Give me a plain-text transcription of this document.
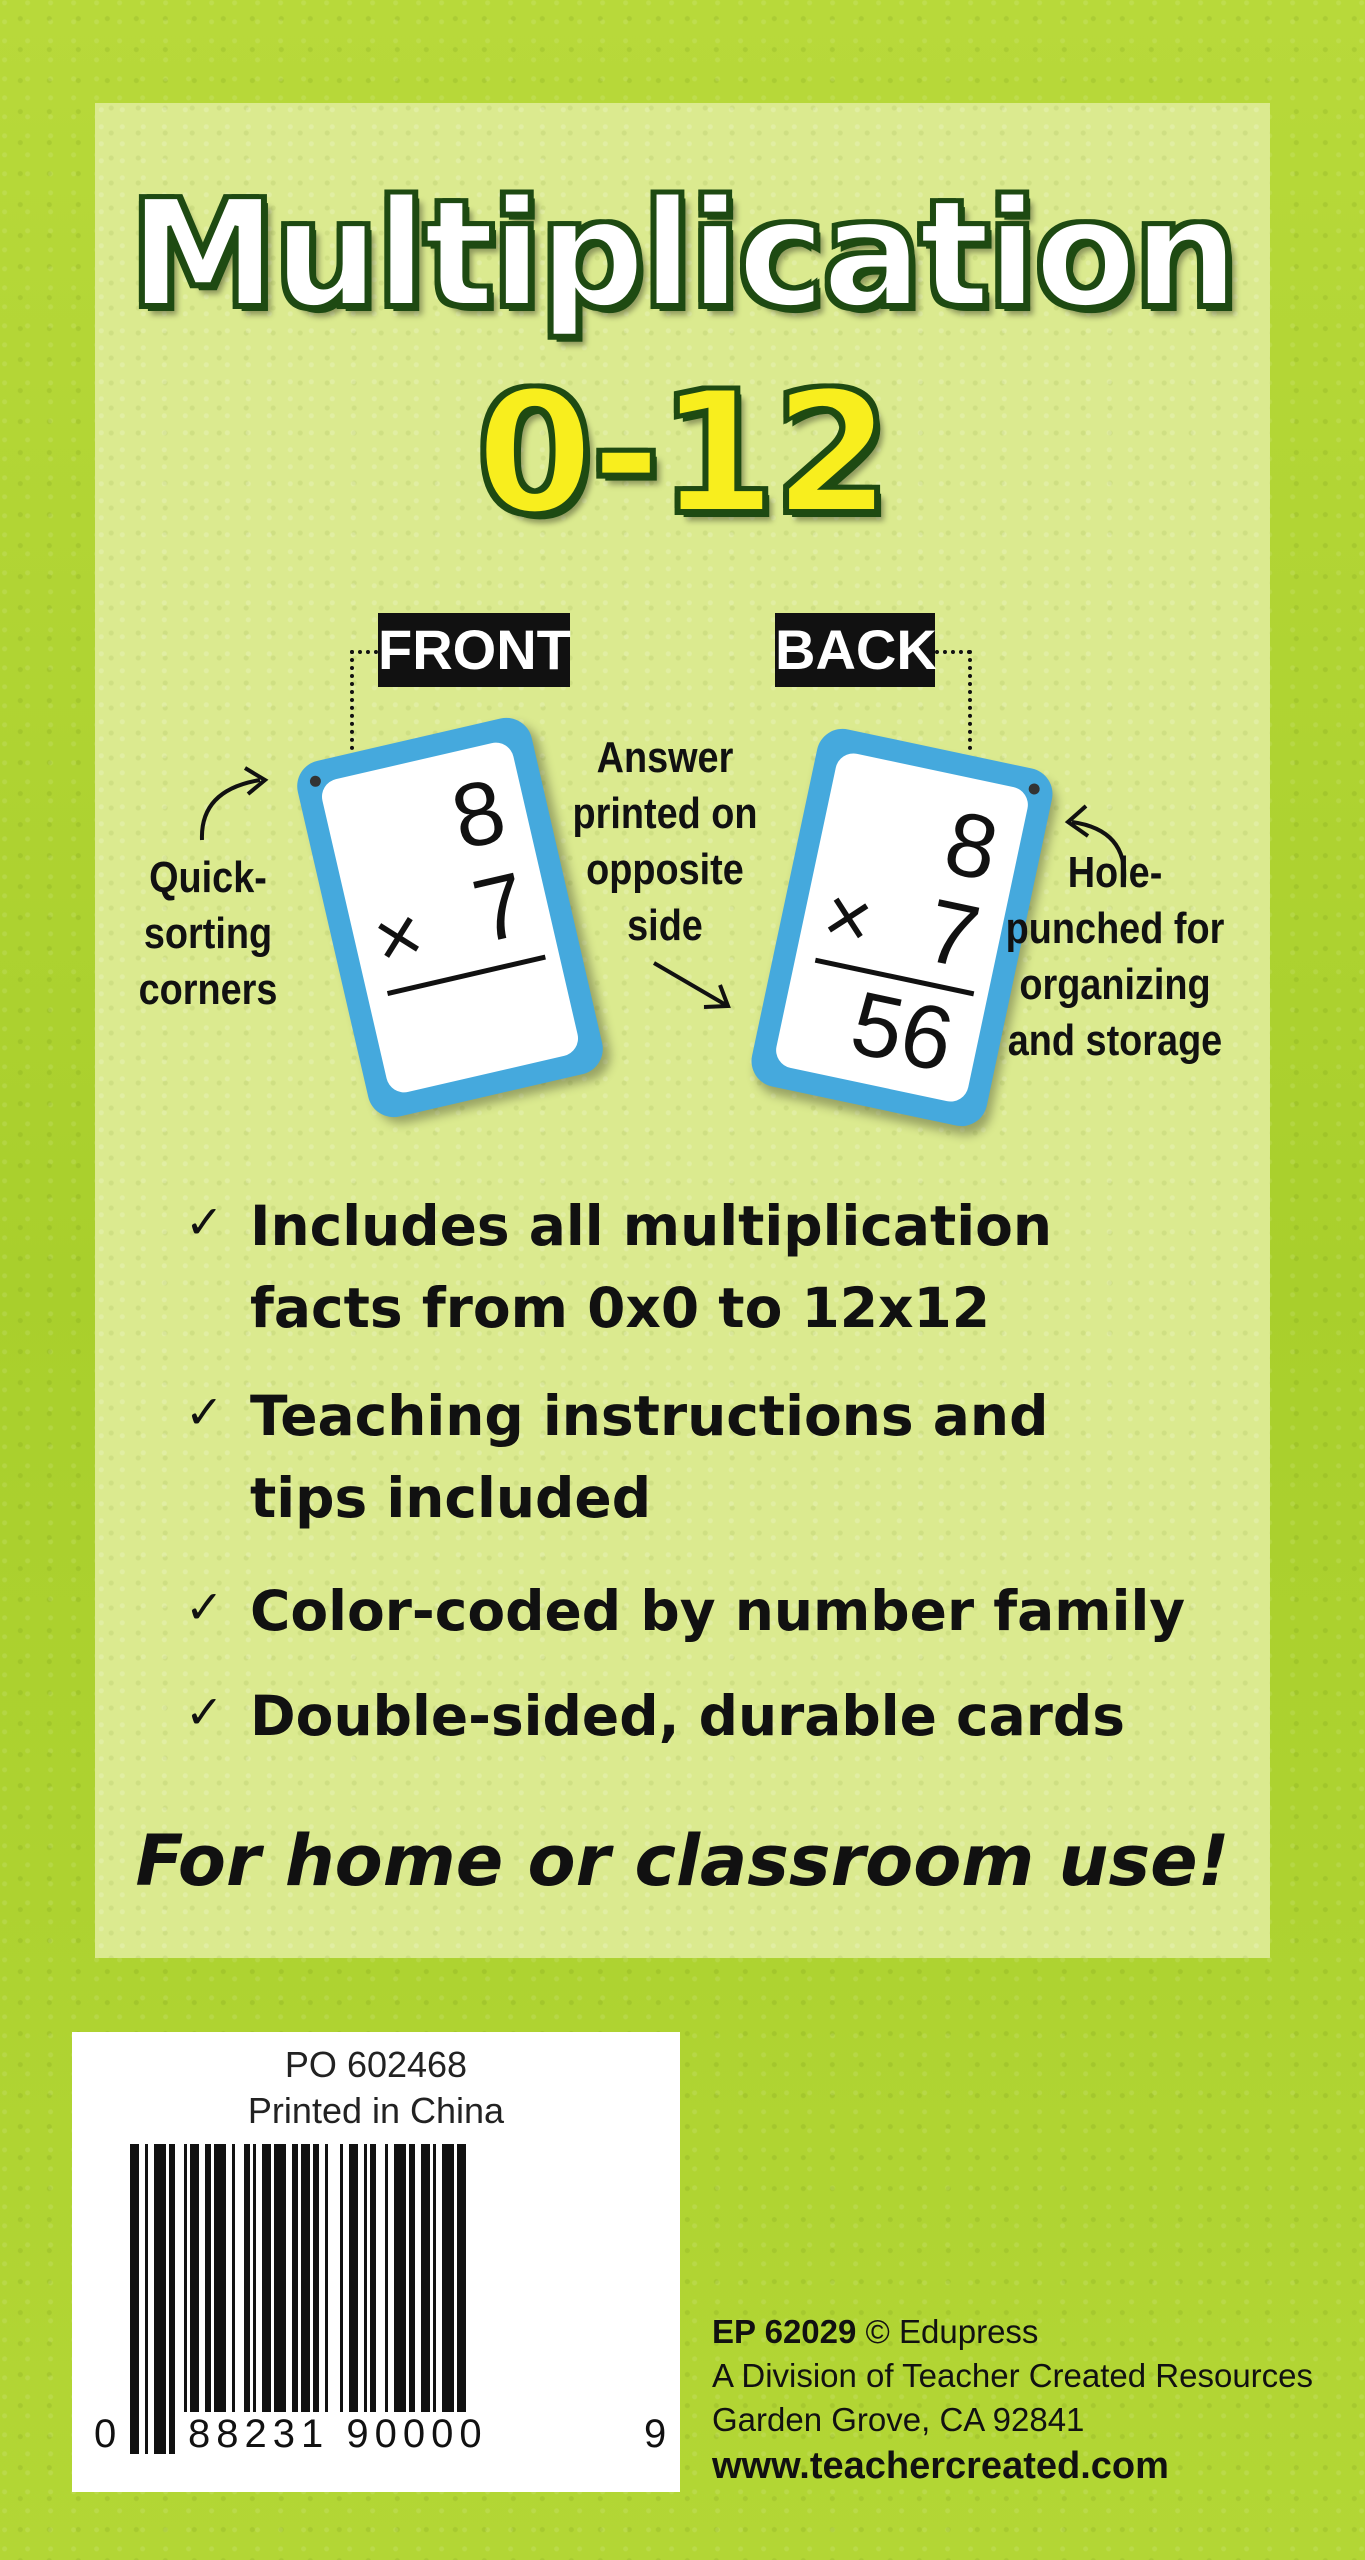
Multiplication
0-12
FRONT	BACK
8
× 7
8
× 7
56
Quick-
sorting
corners
Answer
printed on
opposite
side
Hole-
punched for
organizing
and storage
✓ Includes all multiplication
facts from 0x0 to 12x12
✓ Teaching instructions and
tips included
✓ Color-coded by number family
✓ Double-sided, durable cards
For home or classroom use!
PO 602468
Printed in China
0 88231 90000	9
EP 62029 © Edupress
A Division of Teacher Created Resources
Garden Grove, CA 92841
www.teachercreated.com
